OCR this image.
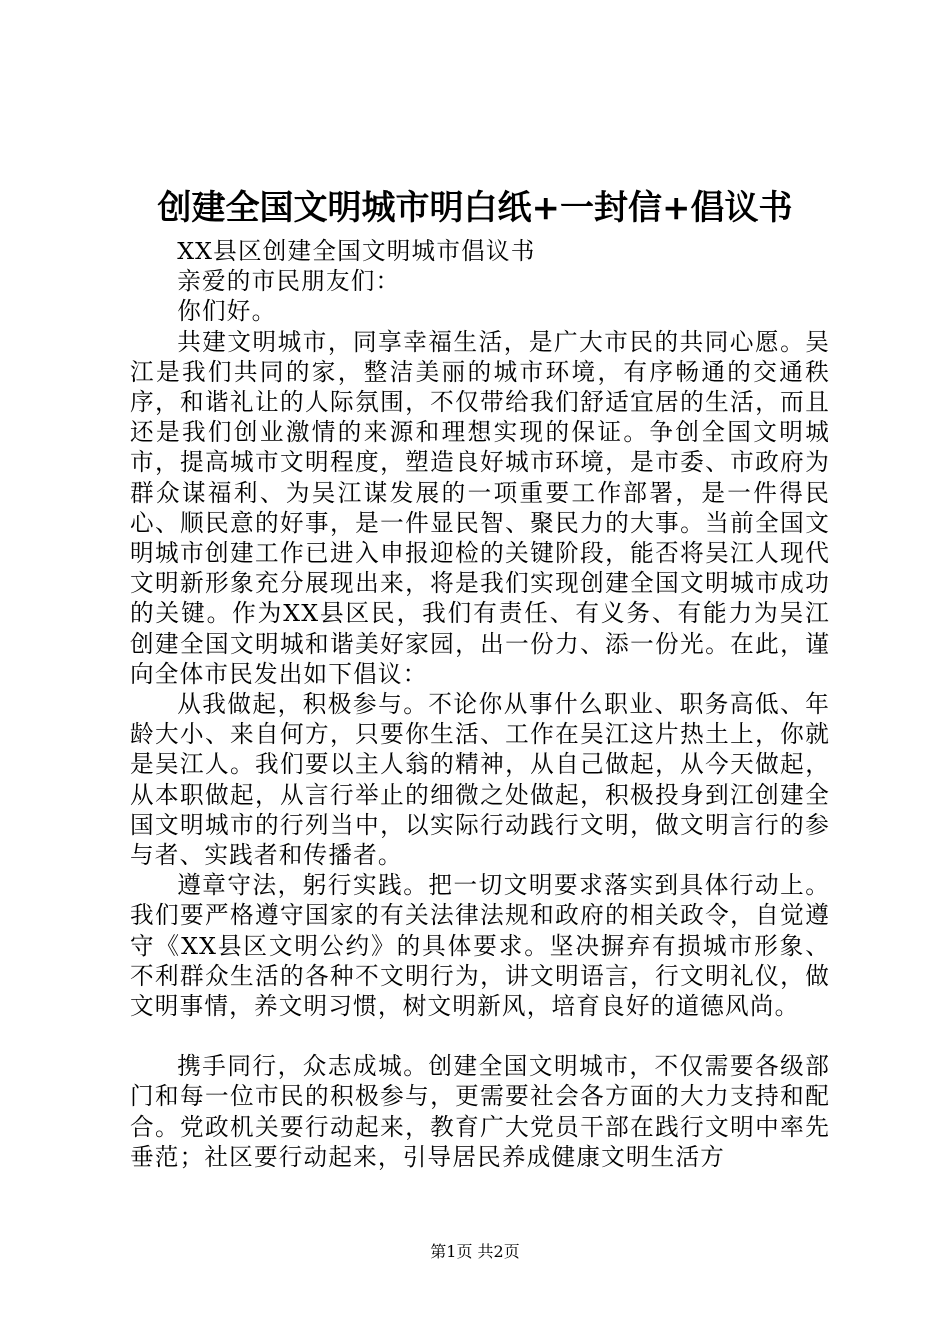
创建全国文明城市明白纸+一封信+倡议书

XX县区创建全国文明城市倡议书

亲爱的市民朋友们：

你们好。

共建文明城市，同享幸福生活，是广大市民的共同心愿。吴江是我们共同的家，整洁美丽的城市环境，有序畅通的交通秩序，和谐礼让的人际氛围，不仅带给我们舒适宜居的生活，而且还是我们创业激情的来源和理想实现的保证。争创全国文明城市，提高城市文明程度，塑造良好城市环境，是市委、市政府为群众谋福利、为吴江谋发展的一项重要工作部署，是一件得民心、顺民意的好事，是一件显民智、聚民力的大事。当前全国文明城市创建工作已进入申报迎检的关键阶段，能否将吴江人现代文明新形象充分展现出来，将是我们实现创建全国文明城市成功的关键。作为XX县区民，我们有责任、有义务、有能力为吴江创建全国文明城和谐美好家园，出一份力、添一份光。在此，谨向全体市民发出如下倡议：

从我做起，积极参与。不论你从事什么职业、职务高低、年龄大小、来自何方，只要你生活、工作在吴江这片热土上，你就是吴江人。我们要以主人翁的精神，从自己做起，从今天做起，从本职做起，从言行举止的细微之处做起，积极投身到江创建全国文明城市的行列当中，以实际行动践行文明，做文明言行的参与者、实践者和传播者。

遵章守法，躬行实践。把一切文明要求落实到具体行动上。我们要严格遵守国家的有关法律法规和政府的相关政令，自觉遵守《XX县区文明公约》的具体要求。坚决摒弃有损城市形象、不利群众生活的各种不文明行为，讲文明语言，行文明礼仪，做文明事情，养文明习惯，树文明新风，培育良好的道德风尚。

携手同行，众志成城。创建全国文明城市，不仅需要各级部门和每一位市民的积极参与，更需要社会各方面的大力支持和配合。党政机关要行动起来，教育广大党员干部在践行文明中率先垂范；社区要行动起来，引导居民养成健康文明生活方

第1页 共2页
